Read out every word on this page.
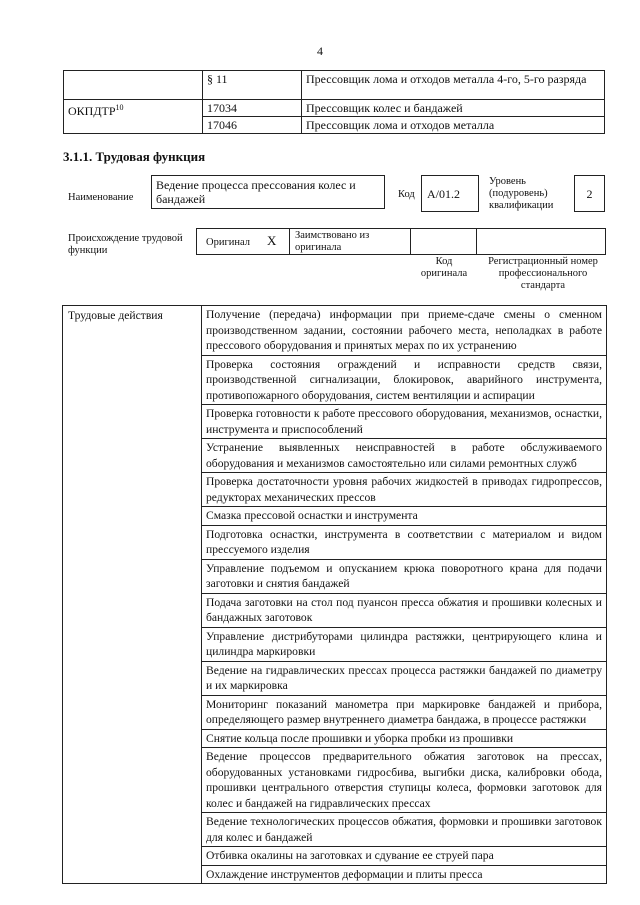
4
	§ 11	Прессовщик лома и отходов металла 4-го, 5-го разряда
ОКПДТР$^{10}$	17034	Прессовщик колес и бандажей
	17046	Прессовщик лома и отходов металла
3.1.1. Трудовая функция
Наименование
Ведение процесса прессования колес и бандажей	Код	А/01.2
Уровень (подуровень) квалификации
2
Происхождение трудовой функции
Оригинал X Заимствовано из оригинала
Код оригинала
Регистрационный номер профессионального стандарта
Трудовые действия	Получение (передача) информации при приеме-сдаче смены о сменном производственном задании, состоянии рабочего места, неполадках в работе прессового оборудования и принятых мерах по их устранению
Проверка состояния ограждений и исправности средств связи, производственной сигнализации, блокировок, аварийного инструмента, противопожарного оборудования, систем вентиляции и аспирации
Проверка готовности к работе прессового оборудования, механизмов, оснастки, инструмента и приспособлений
Устранение выявленных неисправностей в работе обслуживаемого оборудования и механизмов самостоятельно или силами ремонтных служб
Проверка достаточности уровня рабочих жидкостей в приводах гидропрессов, редукторах механических прессов
Смазка прессовой оснастки и инструмента
Подготовка оснастки, инструмента в соответствии с материалом и видом прессуемого изделия
Управление подъемом и опусканием крюка поворотного крана для подачи заготовки и снятия бандажей
Подача заготовки на стол под пуансон пресса обжатия и прошивки колесных и бандажных заготовок
Управление дистрибуторами цилиндра растяжки, центрирующего клина и цилиндра маркировки
Ведение на гидравлических прессах процесса растяжки бандажей по диаметру и их маркировка
Мониторинг показаний манометра при маркировке бандажей и прибора, определяющего размер внутреннего диаметра бандажа, в процессе растяжки
Снятие кольца после прошивки и уборка пробки из прошивки
Ведение процессов предварительного обжатия заготовок на прессах, оборудованных установками гидросбива, выгибки диска, калибровки обода, прошивки центрального отверстия ступицы колеса, формовки заготовок для колес и бандажей на гидравлических прессах
Ведение технологических процессов обжатия, формовки и прошивки заготовок для колес и бандажей
Отбивка окалины на заготовках и сдувание ее струей пара
Охлаждение инструментов деформации и плиты пресса
